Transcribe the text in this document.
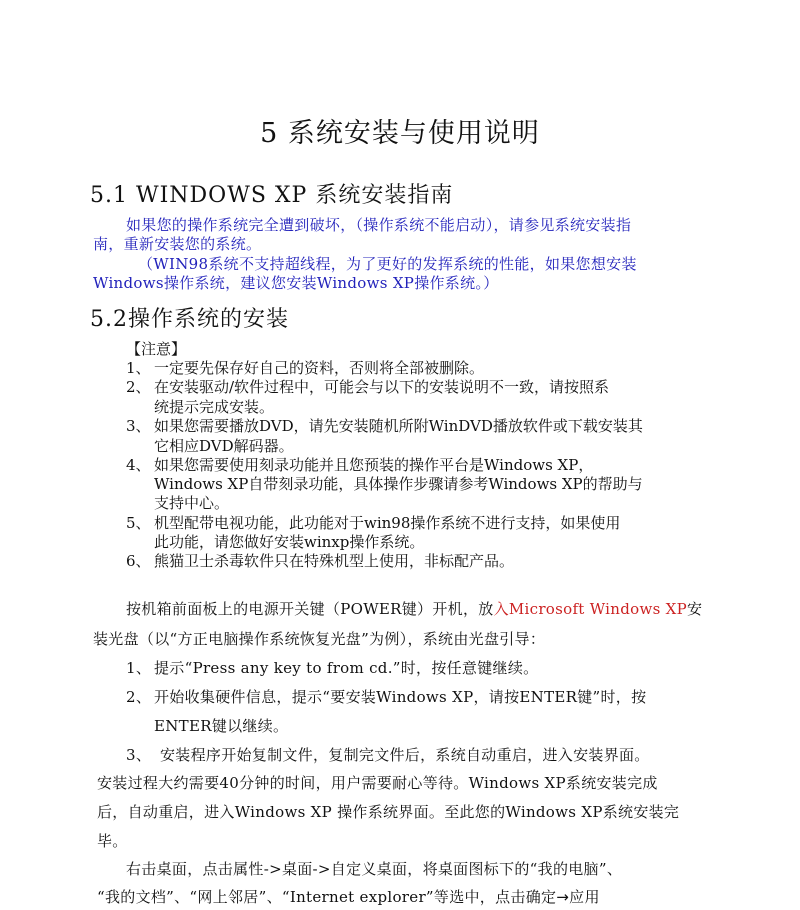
5 系统安装与使用说明
5.1 WINDOWS XP 系统安装指南
如果您的操作系统完全遭到破坏，（操作系统不能启动），请参见系统安装指
南，重新安装您的系统。
（WIN98系统不支持超线程，为了更好的发挥系统的性能，如果您想安装
Windows操作系统，建议您安装Windows XP操作系统。）
5.2操作系统的安装
【注意】
1、 一定要先保存好自己的资料，否则将全部被删除。
2、 在安装驱动/软件过程中，可能会与以下的安装说明不一致，请按照系
统提示完成安装。
3、 如果您需要播放DVD，请先安装随机所附WinDVD播放软件或下载安装其
它相应DVD解码器。
4、 如果您需要使用刻录功能并且您预装的操作平台是Windows XP，
Windows XP自带刻录功能，具体操作步骤请参考Windows XP的帮助与
支持中心。
5、 机型配带电视功能，此功能对于win98操作系统不进行支持，如果使用
此功能，请您做好安装winxp操作系统。
6、 熊猫卫士杀毒软件只在特殊机型上使用，非标配产品。
按机箱前面板上的电源开关键（POWER键）开机，放入Microsoft Windows XP安
装光盘（以“方正电脑操作系统恢复光盘”为例），系统由光盘引导：
1、 提示“Press any key to from cd.”时，按任意键继续。
2、 开始收集硬件信息，提示“要安装Windows XP，请按ENTER键”时，按
ENTER键以继续。
3、 安装程序开始复制文件，复制完文件后，系统自动重启，进入安装界面。
安装过程大约需要40分钟的时间，用户需要耐心等待。Windows XP系统安装完成
后，自动重启，进入Windows XP 操作系统界面。至此您的Windows XP系统安装完
毕。
右击桌面，点击属性->桌面->自定义桌面，将桌面图标下的“我的电脑”、
“我的文档”、“网上邻居”、“Internet explorer”等选中，点击确定→应用
